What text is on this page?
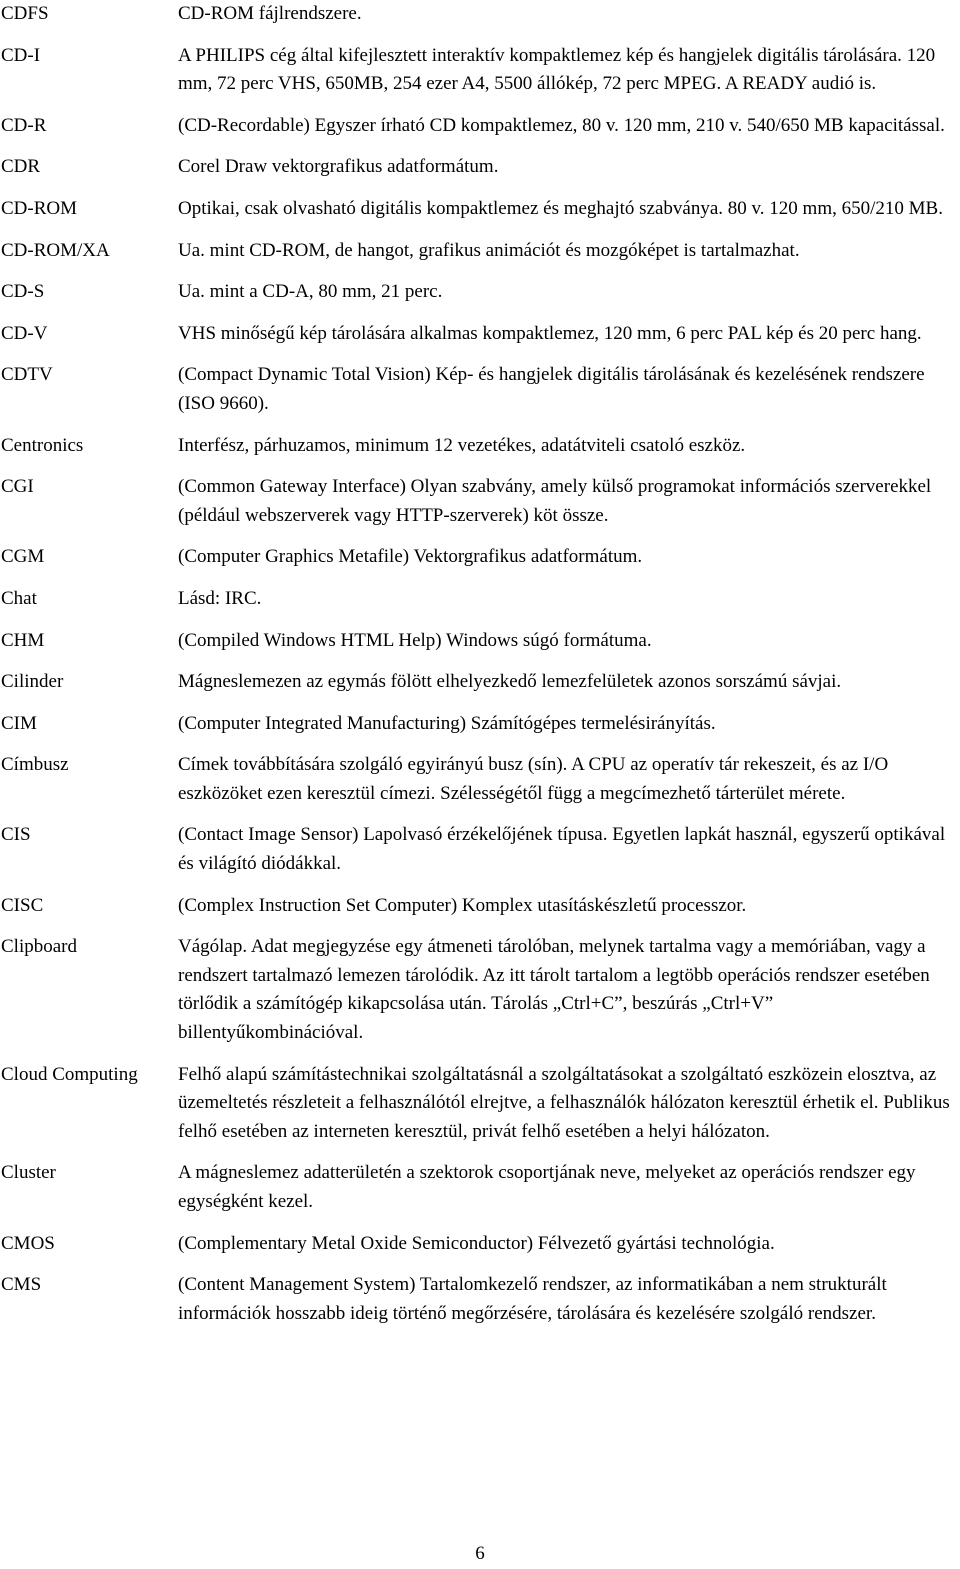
CDFS	CD-ROM fájlrendszere.
CD-I	A PHILIPS cég által kifejlesztett interaktív kompaktlemez kép és hangjelek digitális tárolására. 120 mm, 72 perc VHS, 650MB, 254 ezer A4, 5500 állókép, 72 perc MPEG. A READY audió is.
CD-R	(CD-Recordable) Egyszer írható CD kompaktlemez, 80 v. 120 mm, 210 v. 540/650 MB kapacitással.
CDR	Corel Draw vektorgrafikus adatformátum.
CD-ROM	Optikai, csak olvasható digitális kompaktlemez és meghajtó szabványa. 80 v. 120 mm, 650/210 MB.
CD-ROM/XA	Ua. mint CD-ROM, de hangot, grafikus animációt és mozgóképet is tartalmazhat.
CD-S	Ua. mint a CD-A, 80 mm, 21 perc.
CD-V	VHS minőségű kép tárolására alkalmas kompaktlemez, 120 mm, 6 perc PAL kép és 20 perc hang.
CDTV	(Compact Dynamic Total Vision) Kép- és hangjelek digitális tárolásának és kezelésének rendszere (ISO 9660).
Centronics	Interfész, párhuzamos, minimum 12 vezetékes, adatátviteli csatoló eszköz.
CGI	(Common Gateway Interface) Olyan szabvány, amely külső programokat információs szerverekkel (például webszerverek vagy HTTP-szerverek) köt össze.
CGM	(Computer Graphics Metafile) Vektorgrafikus adatformátum.
Chat	Lásd: IRC.
CHM	(Compiled Windows HTML Help) Windows súgó formátuma.
Cilinder	Mágneslemezen az egymás fölött elhelyezkedő lemezfelületek azonos sorszámú sávjai.
CIM	(Computer Integrated Manufacturing) Számítógépes termelésirányítás.
Címbusz	Címek továbbítására szolgáló egyirányú busz (sín). A CPU az operatív tár rekeszeit, és az I/O eszközöket ezen keresztül címezi. Szélességétől függ a megcímezhető tárterület mérete.
CIS	(Contact Image Sensor) Lapolvasó érzékelőjének típusa. Egyetlen lapkát használ, egyszerű optikával és világító diódákkal.
CISC	(Complex Instruction Set Computer) Komplex utasításkészletű processzor.
Clipboard	Vágólap. Adat megjegyzése egy átmeneti tárolóban, melynek tartalma vagy a memóriában, vagy a rendszert tartalmazó lemezen tárolódik. Az itt tárolt tartalom a legtöbb operációs rendszer esetében törlődik a számítógép kikapcsolása után. Tárolás „Ctrl+C”, beszúrás „Ctrl+V” billentyűkombinációval.
Cloud Computing	Felhő alapú számítástechnikai szolgáltatásnál a szolgáltatásokat a szolgáltató eszközein elosztva, az üzemeltetés részleteit a felhasználótól elrejtve, a felhasználók hálózaton keresztül érhetik el. Publikus felhő esetében az interneten keresztül, privát felhő esetében a helyi hálózaton.
Cluster	A mágneslemez adatterületén a szektorok csoportjának neve, melyeket az operációs rendszer egy egységként kezel.
CMOS	(Complementary Metal Oxide Semiconductor) Félvezető gyártási technológia.
CMS	(Content Management System) Tartalomkezelő rendszer, az informatikában a nem strukturált információk hosszabb ideig történő megőrzésére, tárolására és kezelésére szolgáló rendszer.
6
